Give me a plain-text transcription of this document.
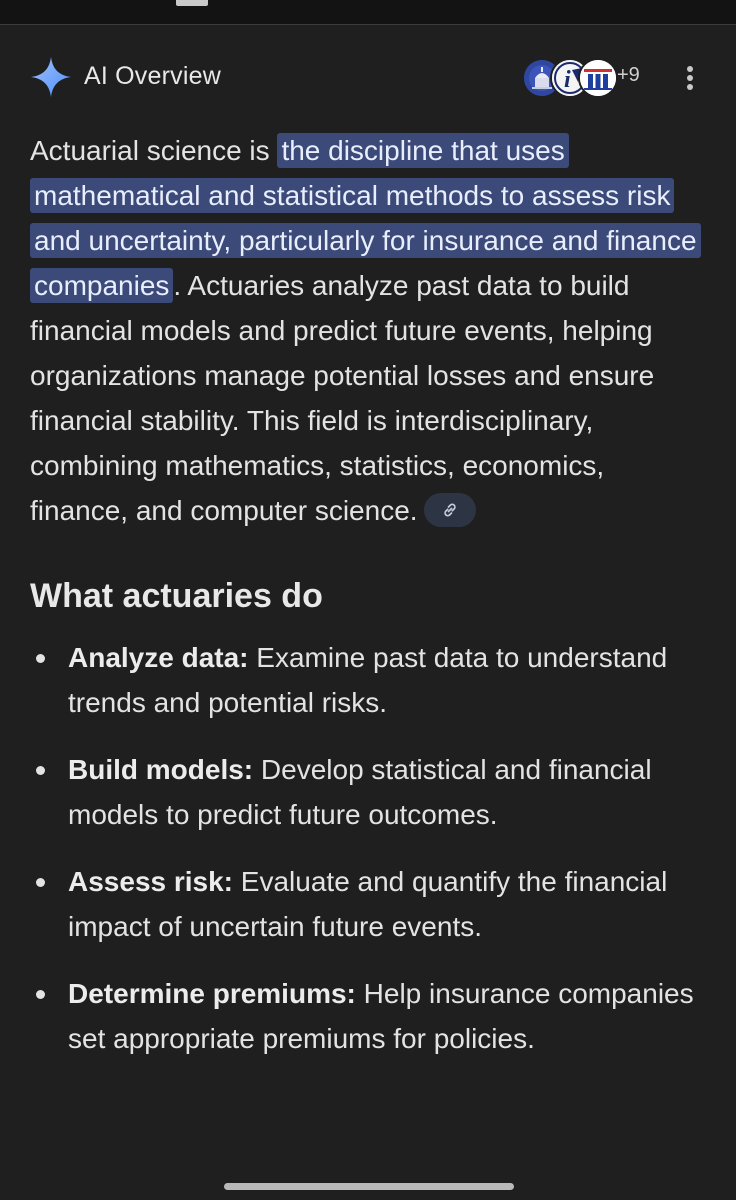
AI Overview	i +9

Actuarial science is the discipline that uses mathematical and statistical methods to assess risk and uncertainty, particularly for insurance and finance companies . Actuaries analyze past data to build financial models and predict future events, helping organizations manage potential losses and ensure financial stability. This field is interdisciplinary, combining mathematics, statistics, economics, finance, and computer science.

What actuaries do
Analyze data: Examine past data to understand trends and potential risks.
Build models: Develop statistical and financial models to predict future outcomes.
Assess risk: Evaluate and quantify the financial impact of uncertain future events.
Determine premiums: Help insurance companies set appropriate premiums for policies.
